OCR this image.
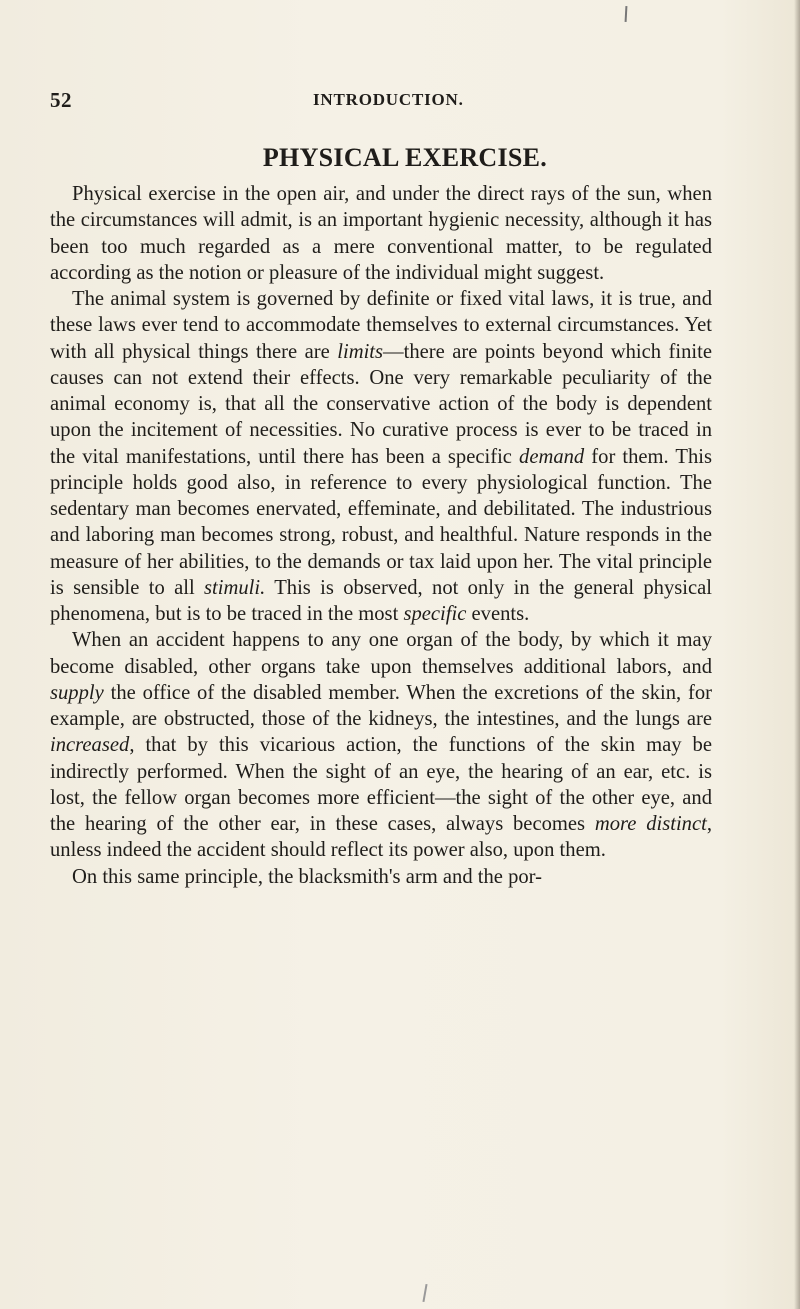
52	INTRODUCTION.
PHYSICAL EXERCISE.

Physical exercise in the open air, and under the direct rays of the sun, when the circumstances will admit, is an important hygienic necessity, although it has been too much regarded as a mere conventional matter, to be regulated according as the notion or pleasure of the individual might suggest.

The animal system is governed by definite or fixed vital laws, it is true, and these laws ever tend to accommodate themselves to external circumstances. Yet with all physical things there are limits—there are points beyond which finite causes can not extend their effects. One very remarkable peculiarity of the animal economy is, that all the conservative action of the body is dependent upon the incitement of necessities. No curative process is ever to be traced in the vital manifestations, until there has been a specific demand for them. This principle holds good also, in reference to every physiological function. The sedentary man becomes enervated, effeminate, and debilitated. The industrious and laboring man becomes strong, robust, and healthful. Nature responds in the measure of her abilities, to the demands or tax laid upon her. The vital principle is sensible to all stimuli. This is observed, not only in the general physical phenomena, but is to be traced in the most specific events.

When an accident happens to any one organ of the body, by which it may become disabled, other organs take upon themselves additional labors, and supply the office of the disabled member. When the excretions of the skin, for example, are obstructed, those of the kidneys, the intestines, and the lungs are increased, that by this vicarious action, the functions of the skin may be indirectly performed. When the sight of an eye, the hearing of an ear, etc. is lost, the fellow organ becomes more efficient—the sight of the other eye, and the hearing of the other ear, in these cases, always becomes more distinct, unless indeed the accident should reflect its power also, upon them.

On this same principle, the blacksmith's arm and the por-
